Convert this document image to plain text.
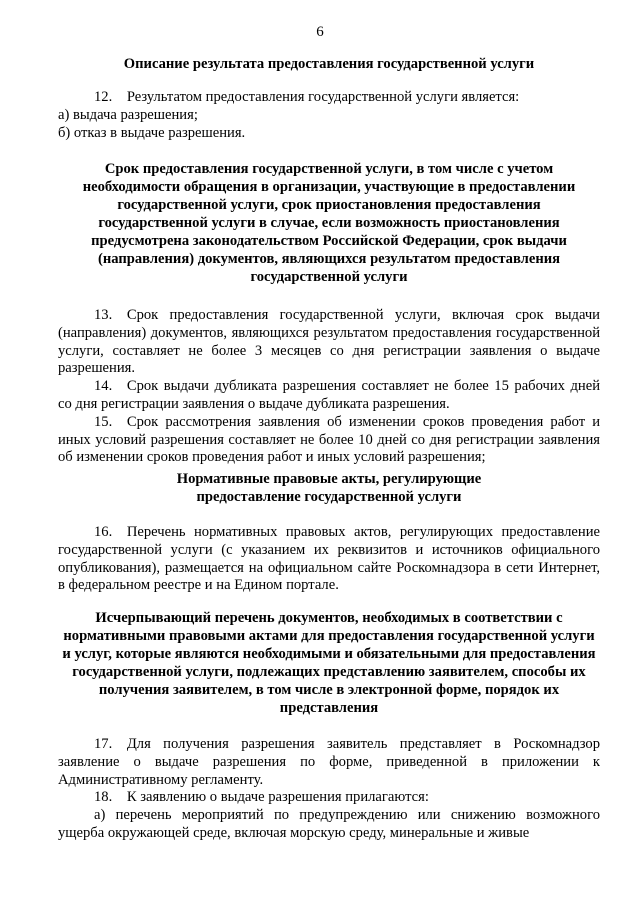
6

Описание результата предоставления государственной услуги

12. Результатом предоставления государственной услуги является:

а) выдача разрешения;

б) отказ в выдаче разрешения.

Срок предоставления государственной услуги, в том числе с учетом необходимости обращения в организации, участвующие в предоставлении государственной услуги, срок приостановления предоставления государственной услуги в случае, если возможность приостановления предусмотрена законодательством Российской Федерации, срок выдачи (направления) документов, являющихся результатом предоставления государственной услуги

13. Срок предоставления государственной услуги, включая срок выдачи (направления) документов, являющихся результатом предоставления государственной услуги, составляет не более 3 месяцев со дня регистрации заявления о выдаче разрешения.

14. Срок выдачи дубликата разрешения составляет не более 15 рабочих дней со дня регистрации заявления о выдаче дубликата разрешения.

15. Срок рассмотрения заявления об изменении сроков проведения работ и иных условий разрешения составляет не более 10 дней со дня регистрации заявления об изменении сроков проведения работ и иных условий разрешения;

Нормативные правовые акты, регулирующие предоставление государственной услуги

16. Перечень нормативных правовых актов, регулирующих предоставление государственной услуги (с указанием их реквизитов и источников официального опубликования), размещается на официальном сайте Роскомнадзора в сети Интернет, в федеральном реестре и на Едином портале.

Исчерпывающий перечень документов, необходимых в соответствии с нормативными правовыми актами для предоставления государственной услуги и услуг, которые являются необходимыми и обязательными для предоставления государственной услуги, подлежащих представлению заявителем, способы их получения заявителем, в том числе в электронной форме, порядок их представления

17. Для получения разрешения заявитель представляет в Роскомнадзор заявление о выдаче разрешения по форме, приведенной в приложении к Административному регламенту.

18. К заявлению о выдаче разрешения прилагаются:

а) перечень мероприятий по предупреждению или снижению возможного ущерба окружающей среде, включая морскую среду, минеральные и живые
